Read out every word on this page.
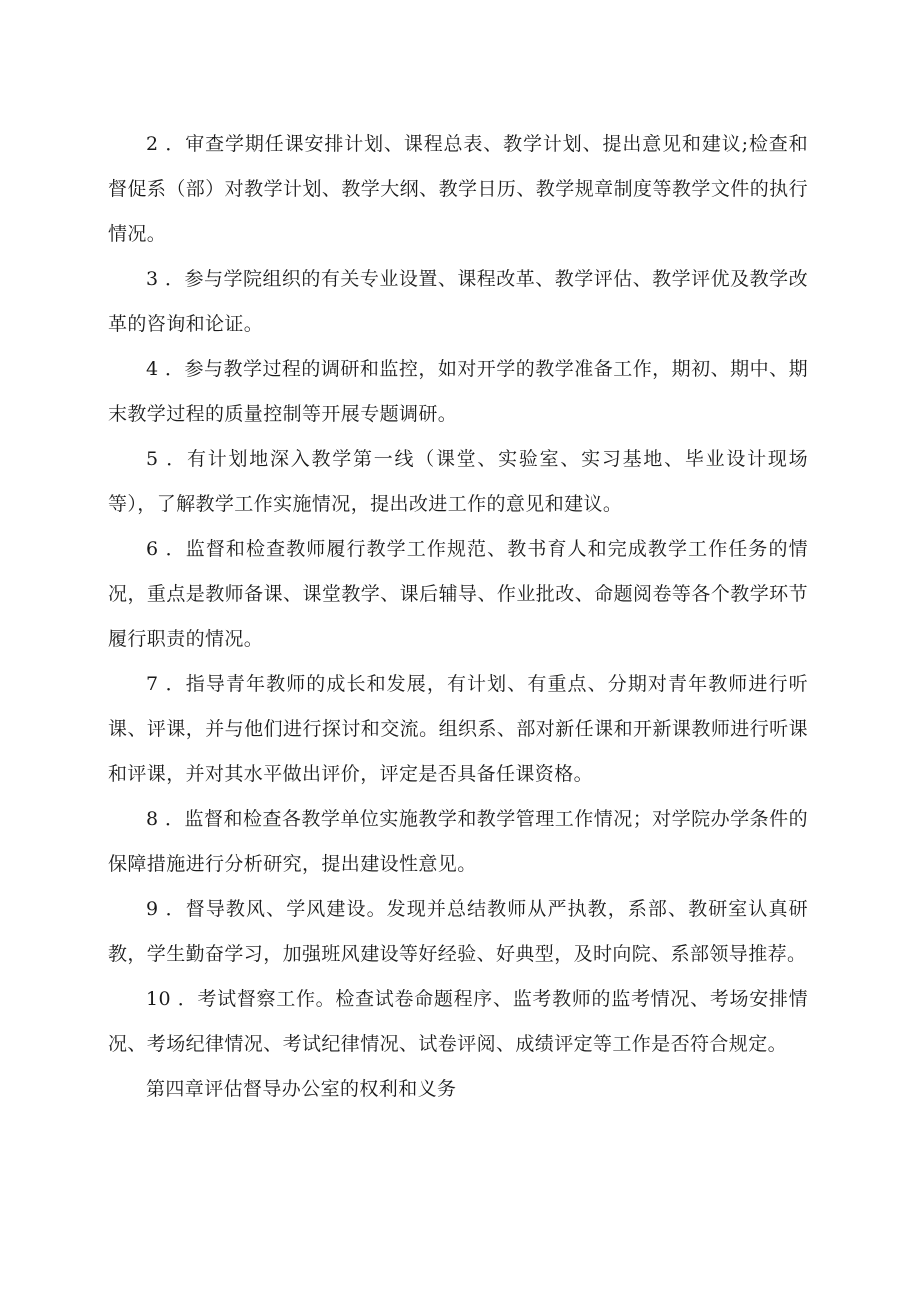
2 ．审查学期任课安排计划、课程总表、教学计划、提出意见和建议;检查和督促系（部）对教学计划、教学大纲、教学日历、教学规章制度等教学文件的执行情况。

3 ．参与学院组织的有关专业设置、课程改革、教学评估、教学评优及教学改革的咨询和论证。

4 ．参与教学过程的调研和监控，如对开学的教学准备工作，期初、期中、期末教学过程的质量控制等开展专题调研。

5 ．有计划地深入教学第一线（课堂、实验室、实习基地、毕业设计现场等），了解教学工作实施情况，提出改进工作的意见和建议。

6 ．监督和检查教师履行教学工作规范、教书育人和完成教学工作任务的情况，重点是教师备课、课堂教学、课后辅导、作业批改、命题阅卷等各个教学环节履行职责的情况。

7 ．指导青年教师的成长和发展，有计划、有重点、分期对青年教师进行听课、评课，并与他们进行探讨和交流。组织系、部对新任课和开新课教师进行听课和评课，并对其水平做出评价，评定是否具备任课资格。

8 ．监督和检查各教学单位实施教学和教学管理工作情况；对学院办学条件的保障措施进行分析研究，提出建设性意见。

9 ．督导教风、学风建设。发现并总结教师从严执教，系部、教研室认真研教，学生勤奋学习，加强班风建设等好经验、好典型，及时向院、系部领导推荐。

10 ．考试督察工作。检查试卷命题程序、监考教师的监考情况、考场安排情况、考场纪律情况、考试纪律情况、试卷评阅、成绩评定等工作是否符合规定。

第四章评估督导办公室的权利和义务
